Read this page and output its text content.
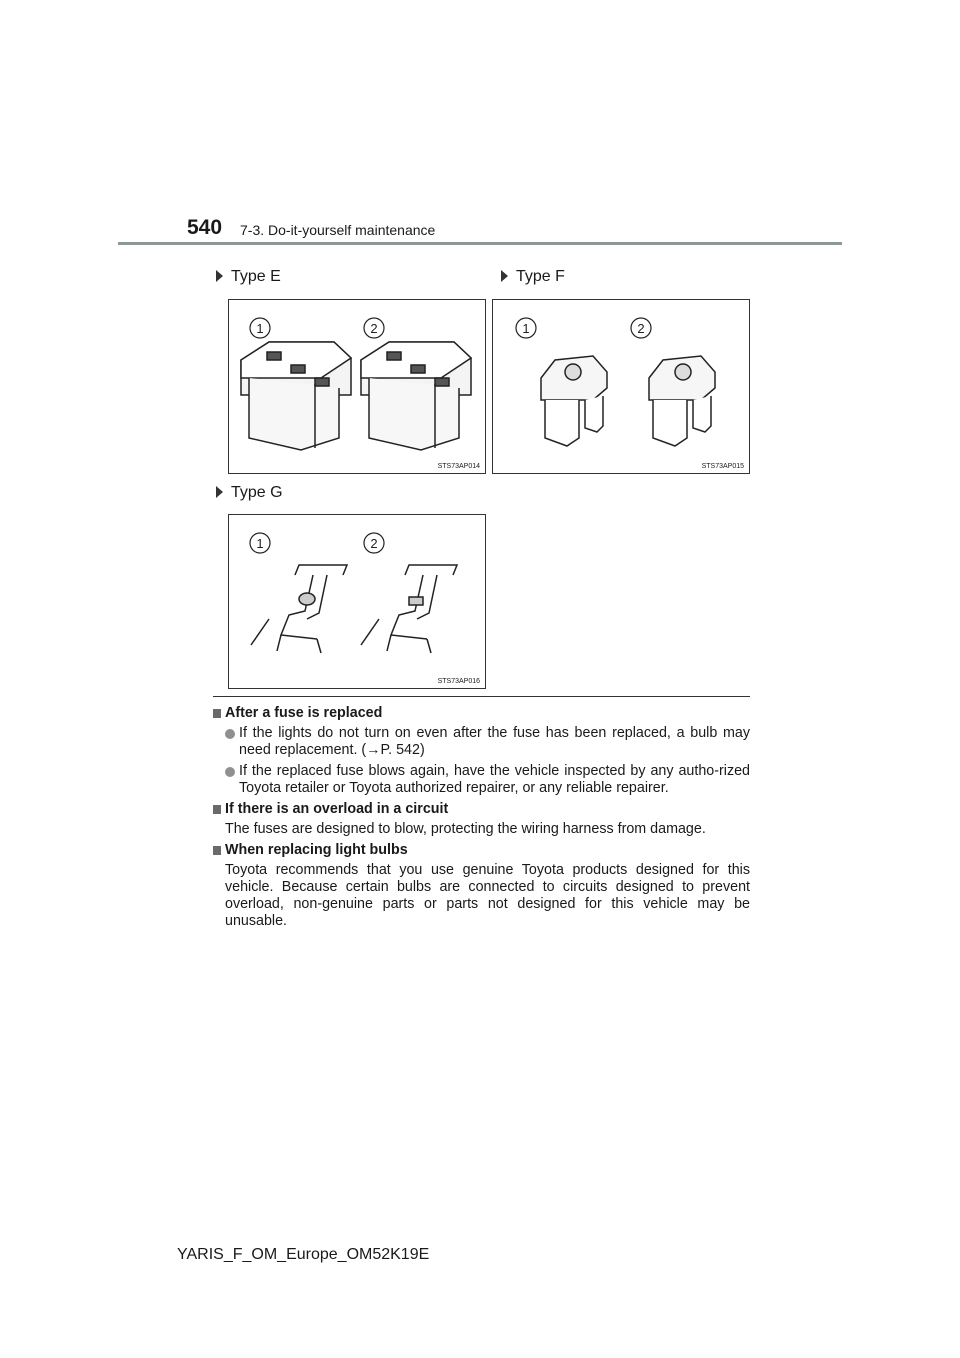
540 7-3. Do-it-yourself maintenance
Type E	Type F
Type G
1	2
STS73AP014
1	2
STS73AP015
1	2
STS73AP016

After a fuse is replaced

If the lights do not turn on even after the fuse has been replaced, a bulb may need replacement. (→P. 542)

If the replaced fuse blows again, have the vehicle inspected by any autho-rized Toyota retailer or Toyota authorized repairer, or any reliable repairer.

If there is an overload in a circuit

The fuses are designed to blow, protecting the wiring harness from damage.

When replacing light bulbs

Toyota recommends that you use genuine Toyota products designed for this vehicle. Because certain bulbs are connected to circuits designed to prevent overload, non-genuine parts or parts not designed for this vehicle may be unusable.

YARIS_F_OM_Europe_OM52K19E
